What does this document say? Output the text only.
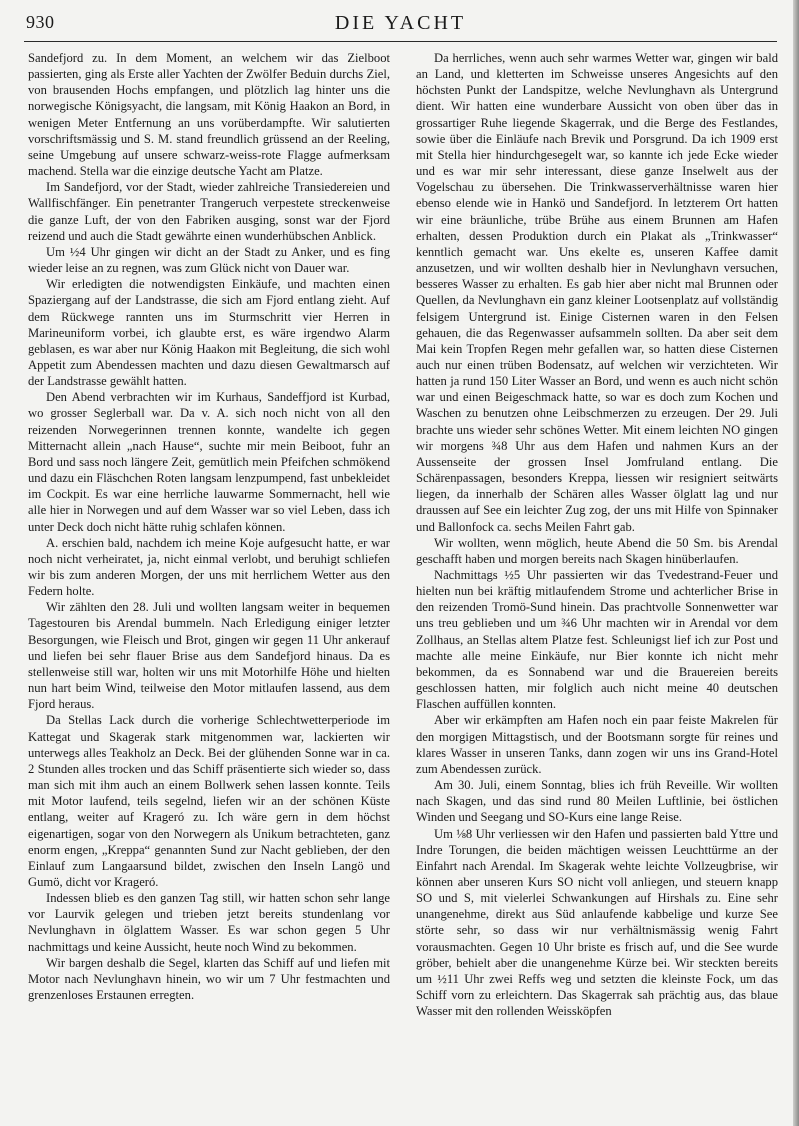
930	DIE YACHT

Sandefjord zu. In dem Moment, an welchem wir das Zielboot passierten, ging als Erste aller Yachten der Zwölfer Beduin durchs Ziel, von brausenden Hochs empfangen, und plötzlich lag hinter uns die norwegische Königsyacht, die langsam, mit König Haakon an Bord, in wenigen Meter Entfernung an uns vorüberdampfte. Wir salutierten vorschriftsmässig und S. M. stand freundlich grüssend an der Reeling, seine Umgebung auf unsere schwarz-weiss-rote Flagge aufmerksam machend. Stella war die einzige deutsche Yacht am Platze.

Im Sandefjord, vor der Stadt, wieder zahlreiche Transiedereien und Wallfischfänger. Ein penetranter Trangeruch verpestete streckenweise die ganze Luft, der von den Fabriken ausging, sonst war der Fjord reizend und auch die Stadt gewährte einen wunderhübschen Anblick.

Um ½4 Uhr gingen wir dicht an der Stadt zu Anker, und es fing wieder leise an zu regnen, was zum Glück nicht von Dauer war.

Wir erledigten die notwendigsten Einkäufe, und machten einen Spaziergang auf der Landstrasse, die sich am Fjord entlang zieht. Auf dem Rückwege rannten uns im Sturmschritt vier Herren in Marineuniform vorbei, ich glaubte erst, es wäre irgendwo Alarm geblasen, es war aber nur König Haakon mit Begleitung, die sich wohl Appetit zum Abendessen machten und dazu diesen Gewaltmarsch auf der Landstrasse gewählt hatten.

Den Abend verbrachten wir im Kurhaus, Sandeffjord ist Kurbad, wo grosser Seglerball war. Da v. A. sich noch nicht von all den reizenden Norwegerinnen trennen konnte, wandelte ich gegen Mitternacht allein „nach Hause“, suchte mir mein Beiboot, fuhr an Bord und sass noch längere Zeit, gemütlich mein Pfeifchen schmökend und dazu ein Fläschchen Roten langsam lenzpumpend, fast unbekleidet im Cockpit. Es war eine herrliche lauwarme Sommernacht, hell wie alle hier in Norwegen und auf dem Wasser war so viel Leben, dass ich unter Deck doch nicht hätte ruhig schlafen können.

A. erschien bald, nachdem ich meine Koje aufgesucht hatte, er war noch nicht verheiratet, ja, nicht einmal verlobt, und beruhigt schliefen wir bis zum anderen Morgen, der uns mit herrlichem Wetter aus den Federn holte.

Wir zählten den 28. Juli und wollten langsam weiter in bequemen Tagestouren bis Arendal bummeln. Nach Erledigung einiger letzter Besorgungen, wie Fleisch und Brot, gingen wir gegen 11 Uhr ankerauf und liefen bei sehr flauer Brise aus dem Sandefjord hinaus. Da es stellenweise still war, holten wir uns mit Motorhilfe Höhe und hielten nun hart beim Wind, teilweise den Motor mitlaufen lassend, aus dem Fjord heraus.

Da Stellas Lack durch die vorherige Schlechtwetterperiode im Kattegat und Skagerak stark mitgenommen war, lackierten wir unterwegs alles Teakholz an Deck. Bei der glühenden Sonne war in ca. 2 Stunden alles trocken und das Schiff präsentierte sich wieder so, dass man sich mit ihm auch an einem Bollwerk sehen lassen konnte. Teils mit Motor laufend, teils segelnd, liefen wir an der schönen Küste entlang, weiter auf Krageró zu. Ich wäre gern in dem höchst eigenartigen, sogar von den Norwegern als Unikum betrachteten, ganz enorm engen, „Kreppa“ genannten Sund zur Nacht geblieben, der den Einlauf zum Langaarsund bildet, zwischen den Inseln Langö und Gumö, dicht vor Krageró.

Indessen blieb es den ganzen Tag still, wir hatten schon sehr lange vor Laurvik gelegen und trieben jetzt bereits stundenlang vor Nevlunghavn in ölglattem Wasser. Es war schon gegen 5 Uhr nachmittags und keine Aussicht, heute noch Wind zu bekommen.

Wir bargen deshalb die Segel, klarten das Schiff auf und liefen mit Motor nach Nevlunghavn hinein, wo wir um 7 Uhr festmachten und grenzenloses Erstaunen erregten.

Da herrliches, wenn auch sehr warmes Wetter war, gingen wir bald an Land, und kletterten im Schweisse unseres Angesichts auf den höchsten Punkt der Landspitze, welche Nevlunghavn als Untergrund dient. Wir hatten eine wunderbare Aussicht von oben über das in grossartiger Ruhe liegende Skagerrak, und die Berge des Festlandes, sowie über die Einläufe nach Brevik und Porsgrund. Da ich 1909 erst mit Stella hier hindurchgesegelt war, so kannte ich jede Ecke wieder und es war mir sehr interessant, diese ganze Inselwelt aus der Vogelschau zu übersehen. Die Trinkwasserverhältnisse waren hier ebenso elende wie in Hankö und Sandefjord. In letzterem Ort hatten wir eine bräunliche, trübe Brühe aus einem Brunnen am Hafen erhalten, dessen Produktion durch ein Plakat als „Trinkwasser“ kenntlich gemacht war. Uns ekelte es, unseren Kaffee damit anzusetzen, und wir wollten deshalb hier in Nevlunghavn versuchen, besseres Wasser zu erhalten. Es gab hier aber nicht mal Brunnen oder Quellen, da Nevlunghavn ein ganz kleiner Lootsenplatz auf vollständig felsigem Untergrund ist. Einige Cisternen waren in den Felsen gehauen, die das Regenwasser aufsammeln sollten. Da aber seit dem Mai kein Tropfen Regen mehr gefallen war, so hatten diese Cisternen auch nur einen trüben Bodensatz, auf welchen wir verzichteten. Wir hatten ja rund 150 Liter Wasser an Bord, und wenn es auch nicht schön war und einen Beigeschmack hatte, so war es doch zum Kochen und Waschen zu benutzen ohne Leibschmerzen zu erzeugen. Der 29. Juli brachte uns wieder sehr schönes Wetter. Mit einem leichten NO gingen wir morgens ¾8 Uhr aus dem Hafen und nahmen Kurs an der Aussenseite der grossen Insel Jomfruland entlang. Die Schärenpassagen, besonders Kreppa, liessen wir resigniert seitwärts liegen, da innerhalb der Schären alles Wasser ölglatt lag und nur draussen auf See ein leichter Zug zog, der uns mit Hilfe von Spinnaker und Ballonfock ca. sechs Meilen Fahrt gab.

Wir wollten, wenn möglich, heute Abend die 50 Sm. bis Arendal geschafft haben und morgen bereits nach Skagen hinüberlaufen.

Nachmittags ½5 Uhr passierten wir das Tvedestrand-Feuer und hielten nun bei kräftig mitlaufendem Strome und achterlicher Brise in den reizenden Tromö-Sund hinein. Das prachtvolle Sonnenwetter war uns treu geblieben und um ¾6 Uhr machten wir in Arendal vor dem Zollhaus, an Stellas altem Platze fest. Schleunigst lief ich zur Post und machte alle meine Einkäufe, nur Bier konnte ich nicht mehr bekommen, da es Sonnabend war und die Brauereien bereits geschlossen hatten, mir folglich auch nicht meine 40 deutschen Flaschen auffüllen konnten.

Aber wir erkämpften am Hafen noch ein paar feiste Makrelen für den morgigen Mittagstisch, und der Bootsmann sorgte für reines und klares Wasser in unseren Tanks, dann zogen wir uns ins Grand-Hotel zum Abendessen zurück.

Am 30. Juli, einem Sonntag, blies ich früh Reveille. Wir wollten nach Skagen, und das sind rund 80 Meilen Luftlinie, bei östlichen Winden und Seegang und SO-Kurs eine lange Reise.

Um ⅛8 Uhr verliessen wir den Hafen und passierten bald Yttre und Indre Torungen, die beiden mächtigen weissen Leuchttürme an der Einfahrt nach Arendal. Im Skagerak wehte leichte Vollzeugbrise, wir können aber unseren Kurs SO nicht voll anliegen, und steuern knapp SO und S, mit vielerlei Schwankungen auf Hirshals zu. Eine sehr unangenehme, direkt aus Süd anlaufende kabbelige und kurze See störte sehr, so dass wir nur verhältnismässig wenig Fahrt vorausmachten. Gegen 10 Uhr briste es frisch auf, und die See wurde gröber, behielt aber die unangenehme Kürze bei. Wir steckten bereits um ½11 Uhr zwei Reffs weg und setzten die kleinste Fock, um das Schiff vorn zu erleichtern. Das Skagerrak sah prächtig aus, das blaue Wasser mit den rollenden Weissköpfen
